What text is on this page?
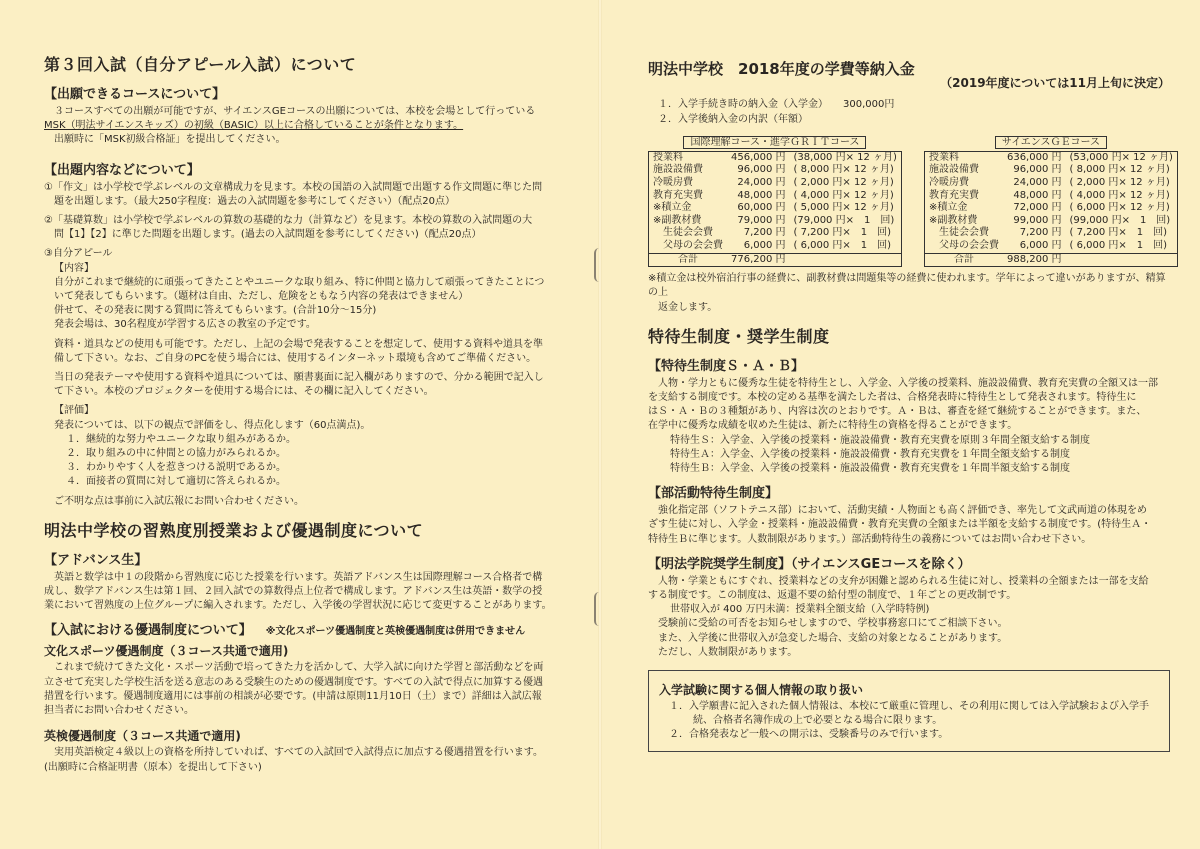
第３回入試（自分アピール入試）について
【出願できるコースについて】

３コースすべての出願が可能ですが、サイエンスGEコースの出願については、本校を会場として行っている

MSK（明法サイエンスキッズ）の初級（BASIC）以上に合格していることが条件となります。

出願時に「MSK初級合格証」を提出してください。

【出題内容などについて】

①「作文」は小学校で学ぶレベルの文章構成力を見ます。本校の国語の入試問題で出題する作文問題に準じた問

題を出題します。（最大250字程度：過去の入試問題を参考にしてください）（配点20点）

②「基礎算数」は小学校で学ぶレベルの算数の基礎的な力（計算など）を見ます。本校の算数の入試問題の大

問【1】【2】に準じた問題を出題します。(過去の入試問題を参考にしてください)（配点20点）

③自分アピール

【内容】

自分がこれまで継続的に頑張ってきたことやユニークな取り組み、特に仲間と協力して頑張ってきたことにつ

いて発表してもらいます。（題材は自由、ただし、危険をともなう内容の発表はできません）

併せて、その発表に関する質問に答えてもらいます。(合計10分〜15分)

発表会場は、30名程度が学習する広さの教室の予定です。

資料・道具などの使用も可能です。ただし、上記の会場で発表することを想定して、使用する資料や道具を準

備して下さい。なお、ご自身のPCを使う場合には、使用するインターネット環境も含めてご準備ください。

当日の発表テーマや使用する資料や道具については、願書裏面に記入欄がありますので、分かる範囲で記入し

て下さい。本校のプロジェクターを使用する場合には、その欄に記入してください。

【評価】

発表については、以下の観点で評価をし、得点化します（60点満点)。

１．継続的な努力やユニークな取り組みがあるか。

２．取り組みの中に仲間との協力がみられるか。

３．わかりやすく人を惹きつける説明であるか。

４．面接者の質問に対して適切に答えられるか。

ご不明な点は事前に入試広報にお問い合わせください。

明法中学校の習熟度別授業および優遇制度について
【アドバンス生】

英語と数学は中１の段階から習熟度に応じた授業を行います。英語アドバンス生は国際理解コース合格者で構

成し、数学アドバンス生は第１回、２回入試での算数得点上位者で構成します。アドバンス生は英語・数学の授

業において習熟度の上位グループに編入されます。ただし、入学後の学習状況に応じて変更することがあります。

【入試における優遇制度について】 ※文化スポーツ優遇制度と英検優遇制度は併用できません
文化スポーツ優遇制度（３コース共通で適用)

これまで続けてきた文化・スポーツ活動で培ってきた力を活かして、大学入試に向けた学習と部活動などを両

立させて充実した学校生活を送る意志のある受験生のための優遇制度です。すべての入試で得点に加算する優遇

措置を行います。優遇制度適用には事前の相談が必要です。(申請は原則11月10日（土）まで）詳細は入試広報

担当者にお問い合わせください。

英検優遇制度（３コース共通で適用)

実用英語検定４級以上の資格を所持していれば、すべての入試回で入試得点に加点する優遇措置を行います。

(出願時に合格証明書（原本）を提出して下さい)

明法中学校　2018年度の学費等納入金

（2019年度については11月上旬に決定）

１．入学手続き時の納入金（入学金）　　 300,000円

２．入学後納入金の内訳（年額）

国際理解コース・進学ＧＲＩＴコース
授業料	456,000 円	(38,000 円× 12 ヶ月)
施設設備費	96,000 円	( 8,000 円× 12 ヶ月)
冷暖房費	24,000 円	( 2,000 円× 12 ヶ月)
教育充実費	48,000 円	( 4,000 円× 12 ヶ月)
※積立金	60,000 円	( 5,000 円× 12 ヶ月)
※副教材費	79,000 円	(79,000 円×　1　回)
　生徒会会費	7,200 円	( 7,200 円×　1　回)
　父母の会会費	6,000 円	( 6,000 円×　1　回)
合計	776,200 円	
サイエンスＧＥコース
授業料	636,000 円	(53,000 円× 12 ヶ月)
施設設備費	96,000 円	( 8,000 円× 12 ヶ月)
冷暖房費	24,000 円	( 2,000 円× 12 ヶ月)
教育充実費	48,000 円	( 4,000 円× 12 ヶ月)
※積立金	72,000 円	( 6,000 円× 12 ヶ月)
※副教材費	99,000 円	(99,000 円×　1　回)
　生徒会会費	7,200 円	( 7,200 円×　1　回)
　父母の会会費	6,000 円	( 6,000 円×　1　回)
合計	988,200 円	

※積立金は校外宿泊行事の経費に、副教材費は問題集等の経費に使われます。学年によって違いがありますが、精算の上

返金します。

特待生制度・奨学生制度
【特待生制度Ｓ・Ａ・Ｂ】

人物・学力ともに優秀な生徒を特待生とし、入学金、入学後の授業料、施設設備費、教育充実費の全額又は一部

を支給する制度です。本校の定める基準を満たした者は、合格発表時に特待生として発表されます。特待生に

はＳ・Ａ・Ｂの３種類があり、内容は次のとおりです。Ａ・Ｂは、審査を経て継続することができます。また、

在学中に優秀な成績を収めた生徒は、新たに特待生の資格を得ることができます。

特待生Ｓ：入学金、入学後の授業料・施設設備費・教育充実費を原則３年間全額支給する制度

特待生Ａ：入学金、入学後の授業料・施設設備費・教育充実費を１年間全額支給する制度

特待生Ｂ：入学金、入学後の授業料・施設設備費・教育充実費を１年間半額支給する制度

【部活動特待生制度】

強化指定部（ソフトテニス部）において、活動実績・人物面とも高く評価でき、率先して文武両道の体現をめ

ざす生徒に対し、入学金・授業料・施設設備費・教育充実費の全額または半額を支給する制度です。(特待生Ａ・

特待生Ｂに準じます。人数制限があります。）部活動特待生の義務についてはお問い合わせ下さい。

【明法学院奨学生制度】（サイエンスGEコースを除く）

人物・学業ともにすぐれ、授業料などの支弁が困難と認められる生徒に対し、授業料の全額または一部を支給

する制度です。この制度は、返還不要の給付型の制度で、１年ごとの更改制です。

世帯収入が 400 万円未満：授業料全額支給（入学時特例)

受験前に受給の可否をお知らせしますので、学校事務窓口にてご相談下さい。

また、入学後に世帯収入が急変した場合、支給の対象となることがあります。

ただし、人数制限があります。

入学試験に関する個人情報の取り扱い

１．入学願書に記入された個人情報は、本校にて厳重に管理し、その利用に関しては入学試験および入学手

続、合格者名簿作成の上で必要となる場合に限ります。

２．合格発表など一般への開示は、受験番号のみで行います。
